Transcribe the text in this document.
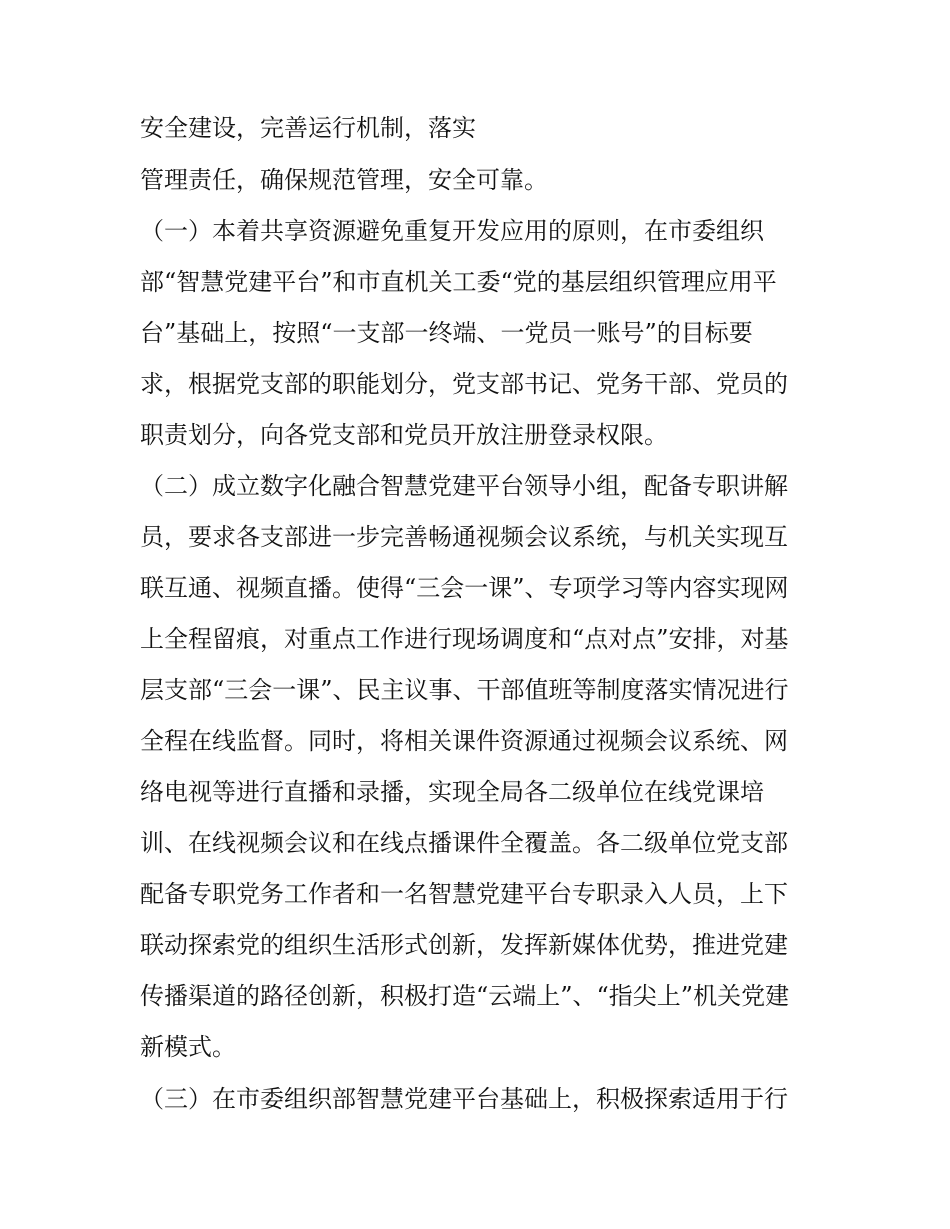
安全建设，完善运行机制，落实
管理责任，确保规范管理，安全可靠。
（一）本着共享资源避免重复开发应用的原则，在市委组织
部“智慧党建平台”和市直机关工委“党的基层组织管理应用平
台”基础上，按照“一支部一终端、一党员一账号”的目标要
求，根据党支部的职能划分，党支部书记、党务干部、党员的
职责划分，向各党支部和党员开放注册登录权限。
（二）成立数字化融合智慧党建平台领导小组，配备专职讲解
员，要求各支部进一步完善畅通视频会议系统，与机关实现互
联互通、视频直播。使得“三会一课”、专项学习等内容实现网
上全程留痕，对重点工作进行现场调度和“点对点”安排，对基
层支部“三会一课”、民主议事、干部值班等制度落实情况进行
全程在线监督。同时，将相关课件资源通过视频会议系统、网
络电视等进行直播和录播，实现全局各二级单位在线党课培
训、在线视频会议和在线点播课件全覆盖。各二级单位党支部
配备专职党务工作者和一名智慧党建平台专职录入人员，上下
联动探索党的组织生活形式创新，发挥新媒体优势，推进党建
传播渠道的路径创新，积极打造“云端上”、“指尖上”机关党建
新模式。
（三）在市委组织部智慧党建平台基础上，积极探索适用于行
